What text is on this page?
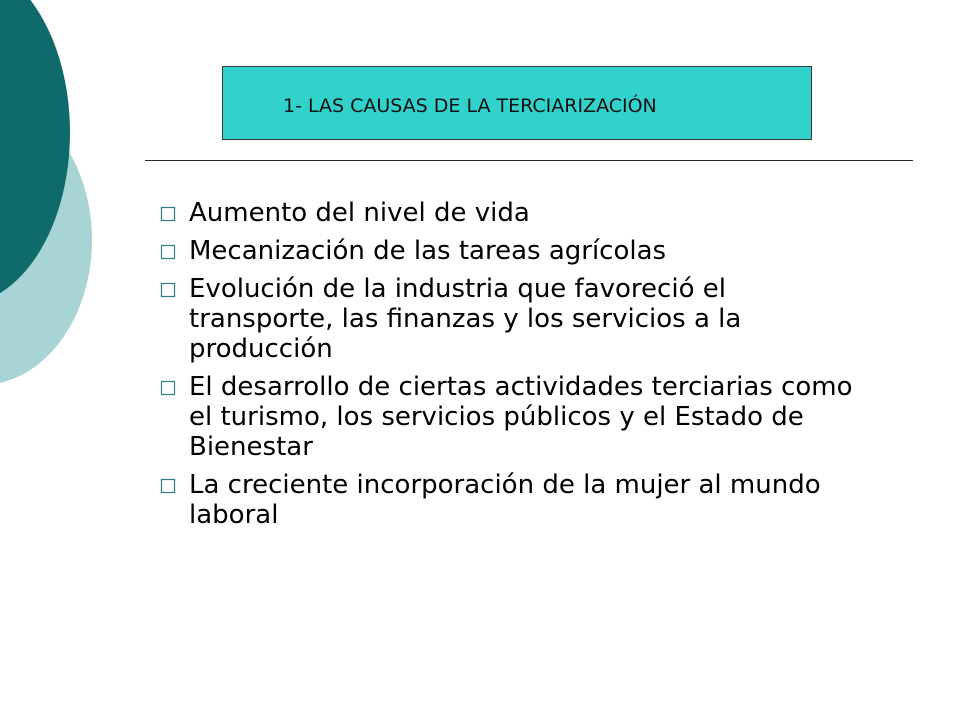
1- LAS CAUSAS DE LA TERCIARIZACIÓN
Aumento del nivel de vida
Mecanización de las tareas agrícolas
Evolución de la industria que favoreció el transporte, las finanzas y los servicios a la producción
El desarrollo de ciertas actividades terciarias como el turismo, los servicios públicos y el Estado de Bienestar
La creciente incorporación de la mujer al mundo laboral
